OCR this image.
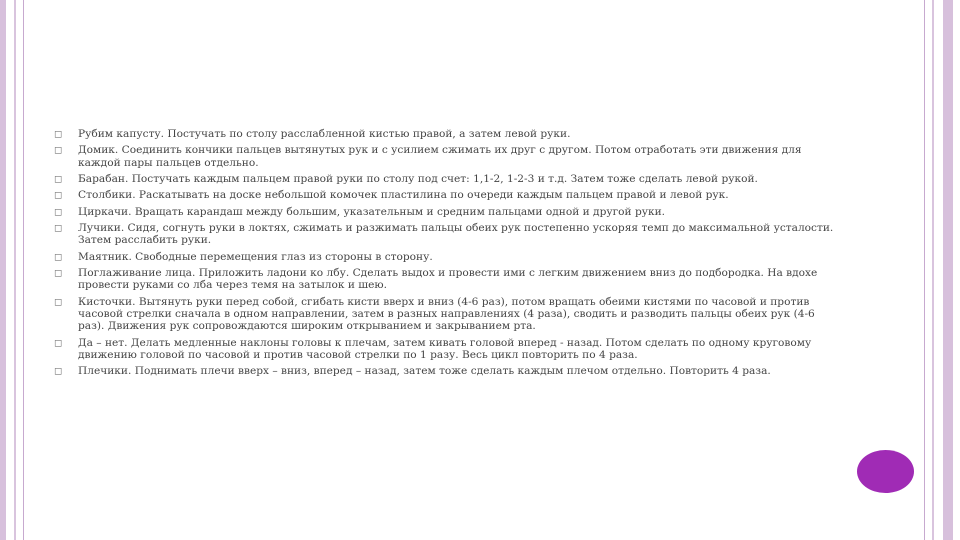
◻ Рубим капусту. Постучать по столу расслабленной кистью правой, а затем левой руки.
◻ Домик. Соединить кончики пальцев вытянутых рук и с усилием сжимать их друг с другом. Потом отработать эти движения для каждой пары пальцев отдельно.
◻ Барабан. Постучать каждым пальцем правой руки по столу под счет: 1,1-2, 1-2-3 и т.д. Затем тоже сделать левой рукой.
◻ Столбики. Раскатывать на доске небольшой комочек пластилина по очереди каждым пальцем правой и левой рук.
◻ Циркачи. Вращать карандаш между большим, указательным и средним пальцами одной и другой руки.
◻ Лучики. Сидя, согнуть руки в локтях, сжимать и разжимать пальцы обеих рук постепенно ускоряя темп до максимальной усталости. Затем расслабить руки.
◻ Маятник. Свободные перемещения глаз из стороны в сторону.
◻ Поглаживание лица. Приложить ладони ко лбу. Сделать выдох и провести ими с легким движением вниз до подбородка. На вдохе провести руками со лба через темя на затылок и шею.
◻ Кисточки. Вытянуть руки перед собой, сгибать кисти вверх и вниз (4-6 раз), потом вращать обеими кистями по часовой и против часовой стрелки сначала в одном направлении, затем в разных направлениях (4 раза), сводить и разводить пальцы обеих рук (4-6 раз). Движения рук сопровождаются широким открыванием и закрыванием рта.
◻ Да – нет. Делать медленные наклоны головы к плечам, затем кивать головой вперед - назад. Потом сделать по одному круговому движению головой по часовой и против часовой стрелки по 1 разу. Весь цикл повторить по 4 раза.
◻ Плечики. Поднимать плечи вверх – вниз, вперед – назад, затем тоже сделать каждым плечом отдельно. Повторить 4 раза.
